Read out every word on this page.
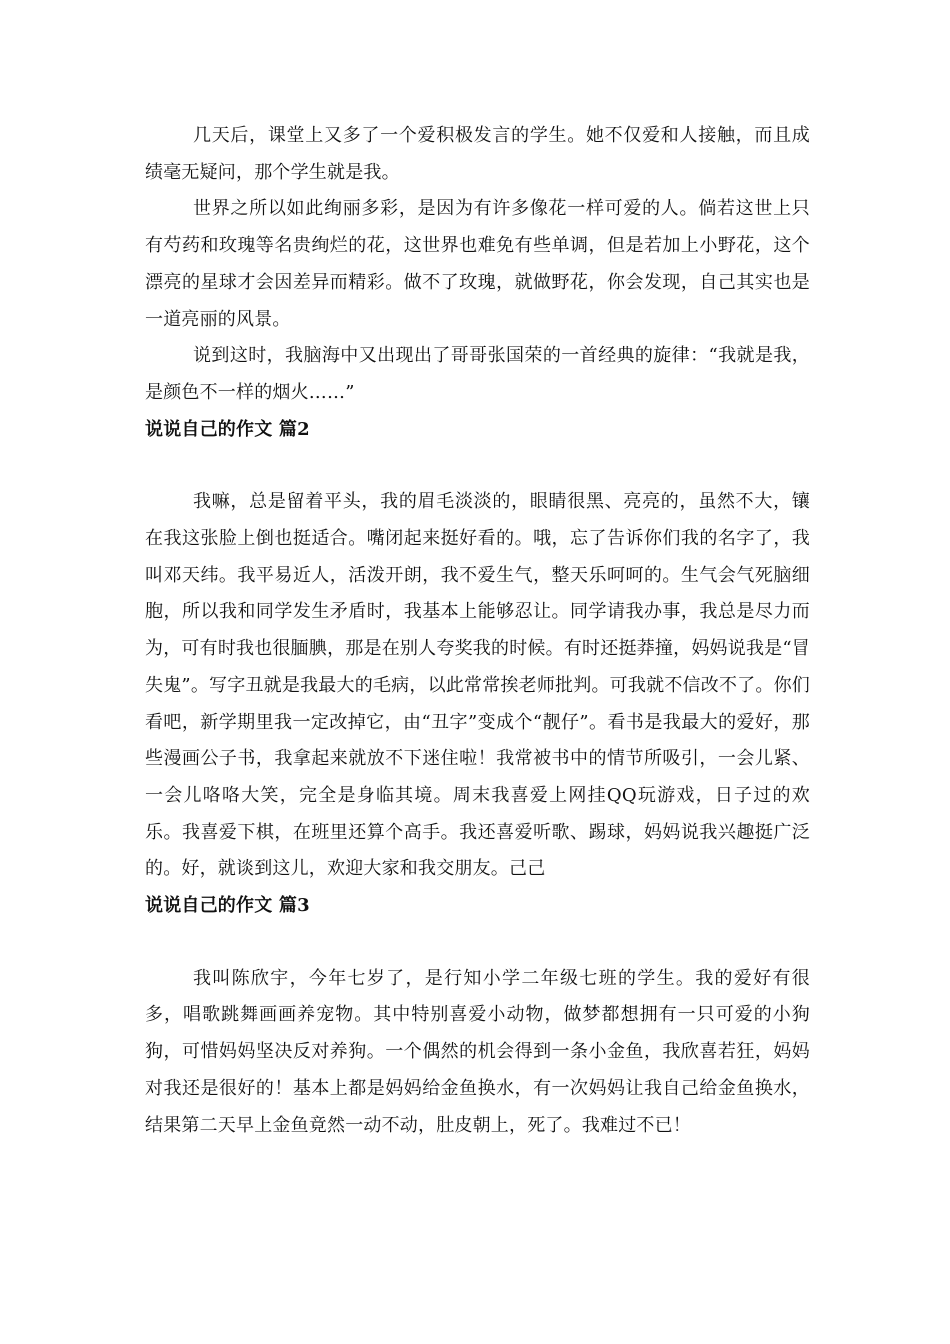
几天后，课堂上又多了一个爱积极发言的学生。她不仅爱和人接触，而且成绩毫无疑问，那个学生就是我。

世界之所以如此绚丽多彩，是因为有许多像花一样可爱的人。倘若这世上只有芍药和玫瑰等名贵绚烂的花，这世界也难免有些单调，但是若加上小野花，这个漂亮的星球才会因差异而精彩。做不了玫瑰，就做野花，你会发现，自己其实也是一道亮丽的风景。

说到这时，我脑海中又出现出了哥哥张国荣的一首经典的旋律：“我就是我，是颜色不一样的烟火……”

说说自己的作文 篇2

我嘛，总是留着平头，我的眉毛淡淡的，眼睛很黑、亮亮的，虽然不大，镶在我这张脸上倒也挺适合。嘴闭起来挺好看的。哦，忘了告诉你们我的名字了，我叫邓天纬。我平易近人，活泼开朗，我不爱生气，整天乐呵呵的。生气会气死脑细胞，所以我和同学发生矛盾时，我基本上能够忍让。同学请我办事，我总是尽力而为，可有时我也很腼腆，那是在别人夸奖我的时候。有时还挺莽撞，妈妈说我是“冒失鬼”。写字丑就是我最大的毛病，以此常常挨老师批判。可我就不信改不了。你们看吧，新学期里我一定改掉它，由“丑字”变成个“靓仔”。看书是我最大的爱好，那些漫画公子书，我拿起来就放不下迷住啦！我常被书中的情节所吸引，一会儿紧、一会儿咯咯大笑，完全是身临其境。周末我喜爱上网挂QQ玩游戏，日子过的欢乐。我喜爱下棋，在班里还算个高手。我还喜爱听歌、踢球，妈妈说我兴趣挺广泛的。好，就谈到这儿，欢迎大家和我交朋友。己己

说说自己的作文 篇3

我叫陈欣宇，今年七岁了，是行知小学二年级七班的学生。我的爱好有很多，唱歌跳舞画画养宠物。其中特别喜爱小动物，做梦都想拥有一只可爱的小狗狗，可惜妈妈坚决反对养狗。一个偶然的机会得到一条小金鱼，我欣喜若狂，妈妈对我还是很好的！基本上都是妈妈给金鱼换水，有一次妈妈让我自己给金鱼换水，结果第二天早上金鱼竟然一动不动，肚皮朝上，死了。我难过不已！
